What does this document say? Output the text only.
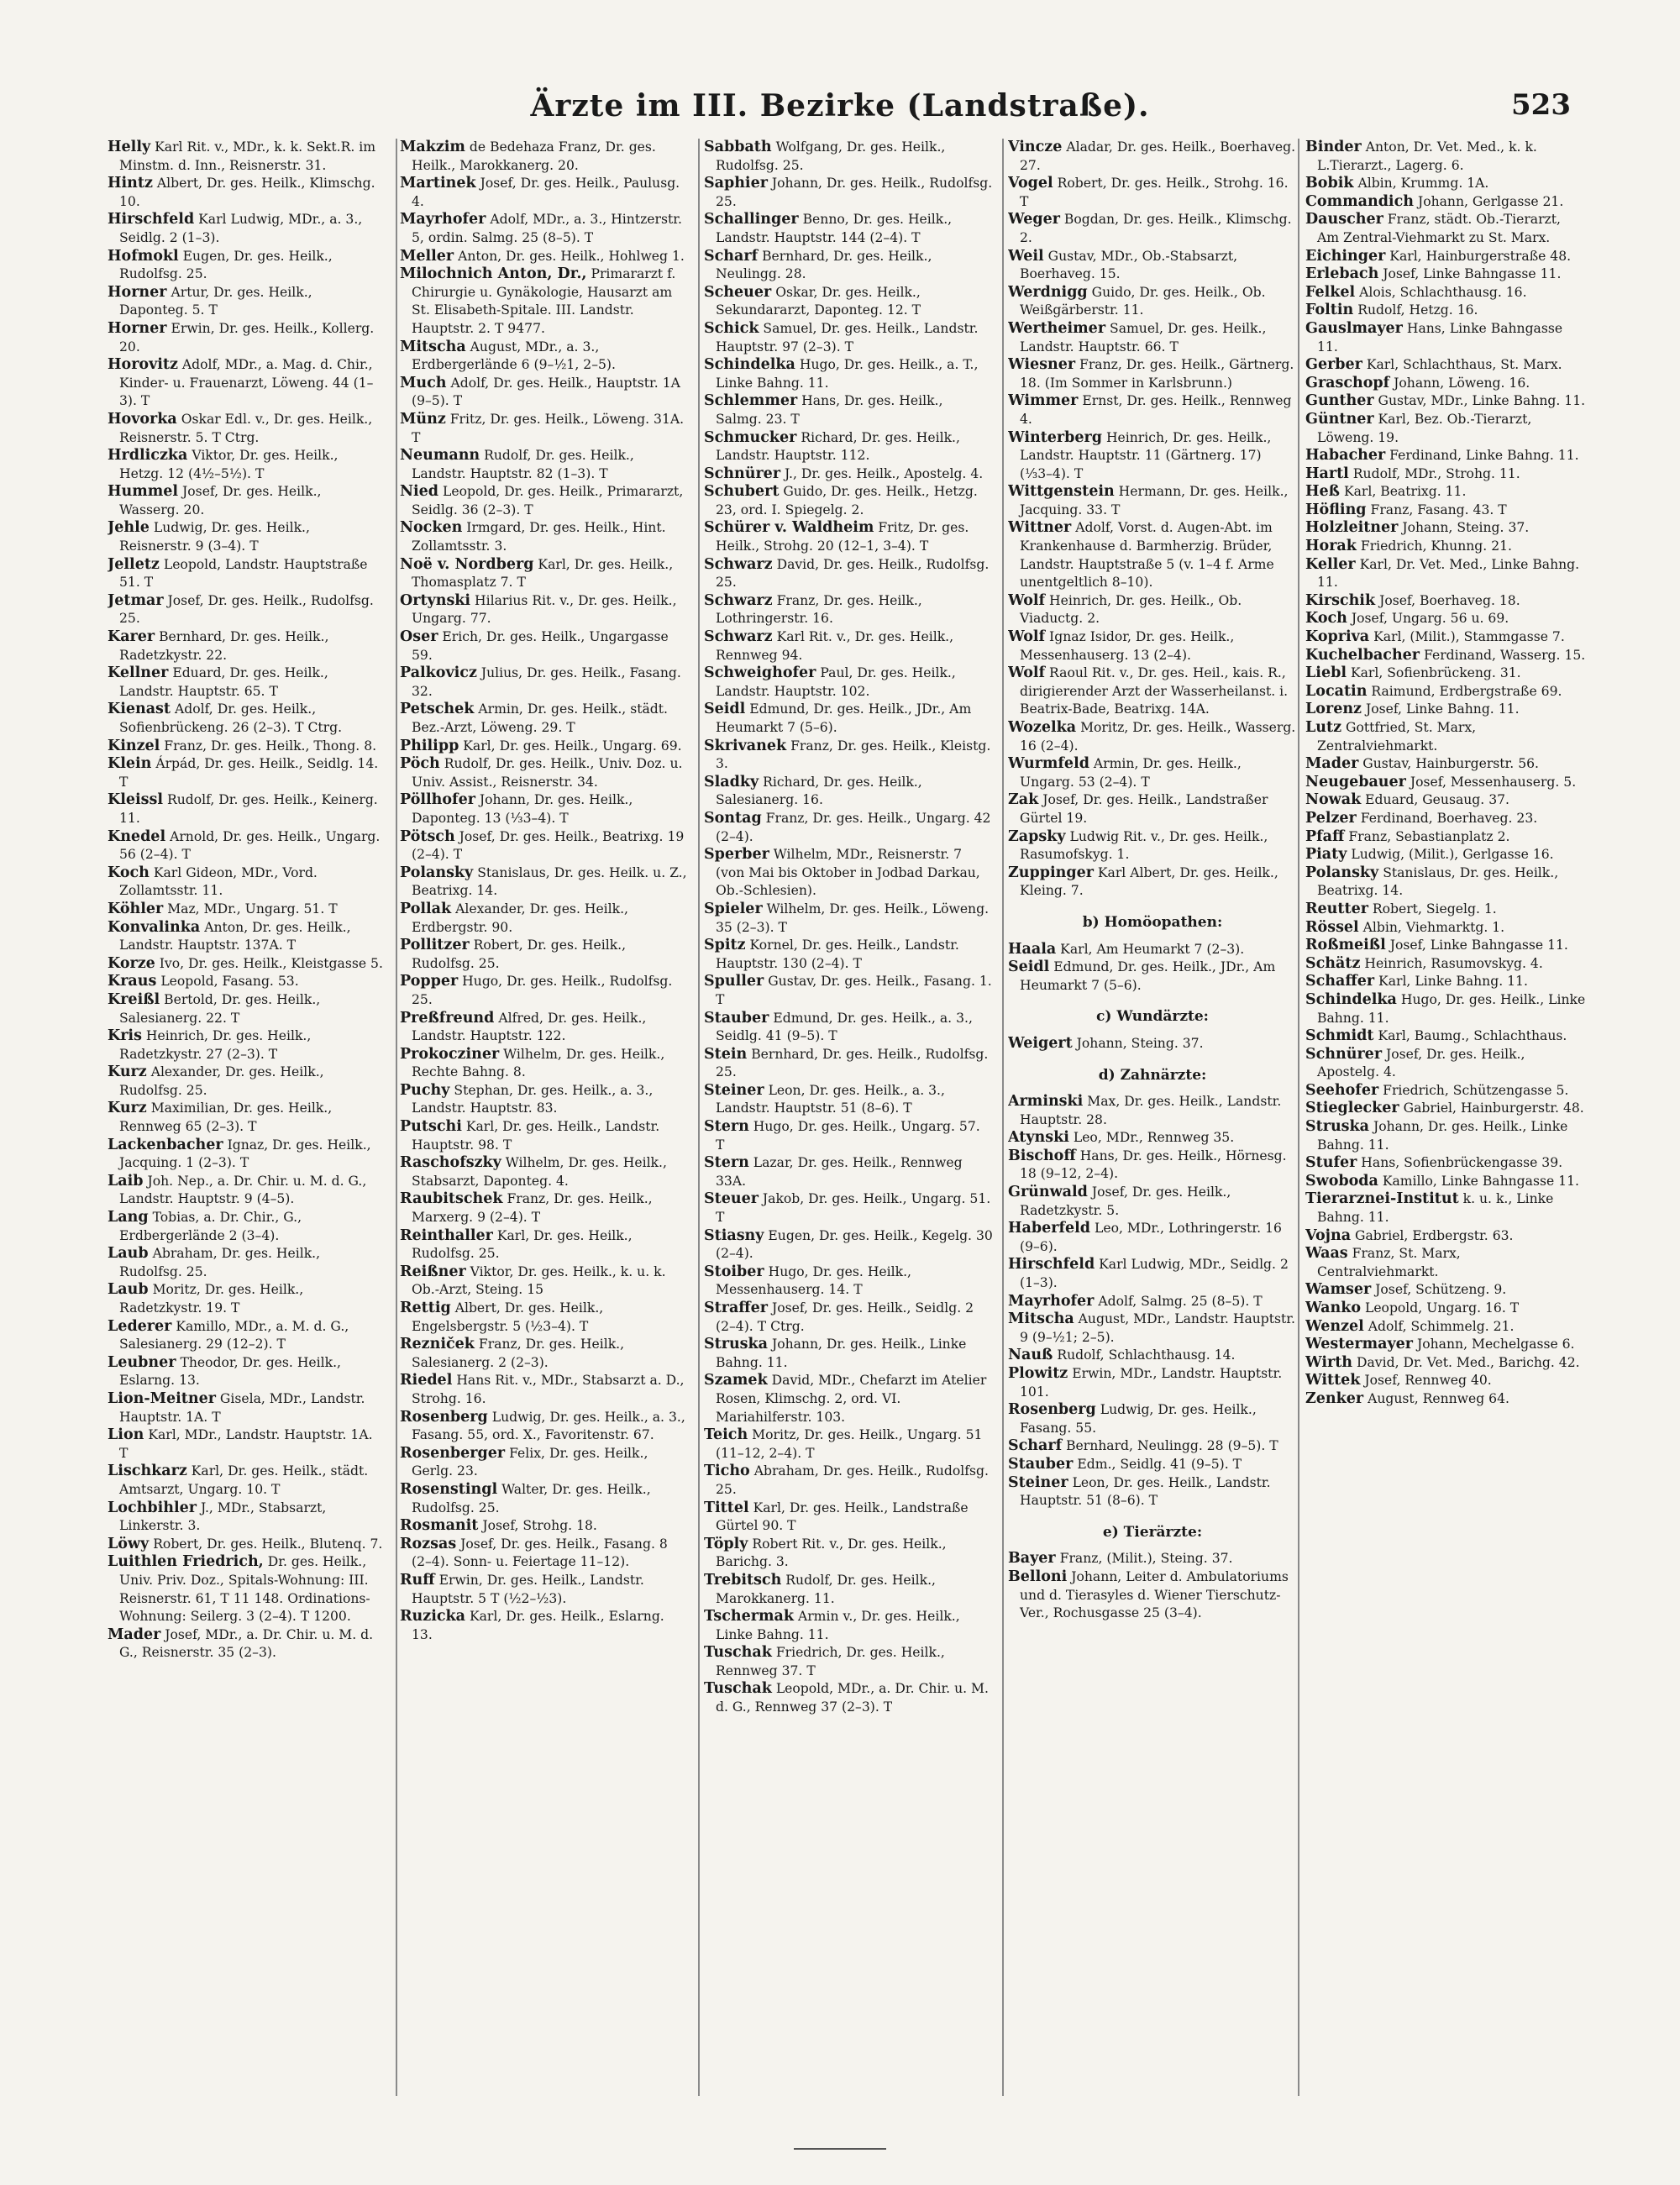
Ärzte im III. Bezirke (Landstraße).	523
Helly Karl Rit. v., MDr., k. k. Sekt.R. im Minstm. d. Inn., Reisnerstr. 31.
Hintz Albert, Dr. ges. Heilk., Klimschg. 10.
Hirschfeld Karl Ludwig, MDr., a. 3., Seidlg. 2 (1–3).
Hofmokl Eugen, Dr. ges. Heilk., Rudolfsg. 25.
Horner Artur, Dr. ges. Heilk., Daponteg. 5. T
Horner Erwin, Dr. ges. Heilk., Kollerg. 20.
Horovitz Adolf, MDr., a. Mag. d. Chir., Kinder- u. Frauenarzt, Löweng. 44 (1–3). T
Hovorka Oskar Edl. v., Dr. ges. Heilk., Reisnerstr. 5. T Ctrg.
Hrdliczka Viktor, Dr. ges. Heilk., Hetzg. 12 (4½–5½). T
Hummel Josef, Dr. ges. Heilk., Wasserg. 20.
Jehle Ludwig, Dr. ges. Heilk., Reisnerstr. 9 (3–4). T
Jelletz Leopold, Landstr. Hauptstraße 51. T
Jetmar Josef, Dr. ges. Heilk., Rudolfsg. 25.
Karer Bernhard, Dr. ges. Heilk., Radetzkystr. 22.
Kellner Eduard, Dr. ges. Heilk., Landstr. Hauptstr. 65. T
Kienast Adolf, Dr. ges. Heilk., Sofienbrückeng. 26 (2–3). T Ctrg.
Kinzel Franz, Dr. ges. Heilk., Thong. 8.
Klein Árpád, Dr. ges. Heilk., Seidlg. 14. T
Kleissl Rudolf, Dr. ges. Heilk., Keinerg. 11.
Knedel Arnold, Dr. ges. Heilk., Ungarg. 56 (2–4). T
Koch Karl Gideon, MDr., Vord. Zollamtsstr. 11.
Köhler Maz, MDr., Ungarg. 51. T
Konvalinka Anton, Dr. ges. Heilk., Landstr. Hauptstr. 137A. T
Korze Ivo, Dr. ges. Heilk., Kleistgasse 5.
Kraus Leopold, Fasang. 53.
Kreißl Bertold, Dr. ges. Heilk., Salesianerg. 22. T
Kris Heinrich, Dr. ges. Heilk., Radetzkystr. 27 (2–3). T
Kurz Alexander, Dr. ges. Heilk., Rudolfsg. 25.
Kurz Maximilian, Dr. ges. Heilk., Rennweg 65 (2–3). T
Lackenbacher Ignaz, Dr. ges. Heilk., Jacquing. 1 (2–3). T
Laib Joh. Nep., a. Dr. Chir. u. M. d. G., Landstr. Hauptstr. 9 (4–5).
Lang Tobias, a. Dr. Chir., G., Erdbergerlände 2 (3–4).
Laub Abraham, Dr. ges. Heilk., Rudolfsg. 25.
Laub Moritz, Dr. ges. Heilk., Radetzkystr. 19. T
Lederer Kamillo, MDr., a. M. d. G., Salesianerg. 29 (12–2). T
Leubner Theodor, Dr. ges. Heilk., Eslarng. 13.
Lion-Meitner Gisela, MDr., Landstr. Hauptstr. 1A. T
Lion Karl, MDr., Landstr. Hauptstr. 1A. T
Lischkarz Karl, Dr. ges. Heilk., städt. Amtsarzt, Ungarg. 10. T
Lochbihler J., MDr., Stabsarzt, Linkerstr. 3.
Löwy Robert, Dr. ges. Heilk., Blutenq. 7.
Luithlen Friedrich, Dr. ges. Heilk., Univ. Priv. Doz., Spitals-Wohnung: III. Reisnerstr. 61, T 11 148. Ordinations-Wohnung: Seilerg. 3 (2–4). T 1200.
Mader Josef, MDr., a. Dr. Chir. u. M. d. G., Reisnerstr. 35 (2–3).
Makzim de Bedehaza Franz, Dr. ges. Heilk., Marokkanerg. 20.
Martinek Josef, Dr. ges. Heilk., Paulusg. 4.
Mayrhofer Adolf, MDr., a. 3., Hintzerstr. 5, ordin. Salmg. 25 (8–5). T
Meller Anton, Dr. ges. Heilk., Hohlweg 1.
Milochnich Anton, Dr., Primararzt f. Chirurgie u. Gynäkologie, Hausarzt am St. Elisabeth-Spitale. III. Landstr. Hauptstr. 2. T 9477.
Mitscha August, MDr., a. 3., Erdbergerlände 6 (9–½1, 2–5).
Much Adolf, Dr. ges. Heilk., Hauptstr. 1A (9–5). T
Münz Fritz, Dr. ges. Heilk., Löweng. 31A. T
Neumann Rudolf, Dr. ges. Heilk., Landstr. Hauptstr. 82 (1–3). T
Nied Leopold, Dr. ges. Heilk., Primararzt, Seidlg. 36 (2–3). T
Nocken Irmgard, Dr. ges. Heilk., Hint. Zollamtsstr. 3.
Noë v. Nordberg Karl, Dr. ges. Heilk., Thomasplatz 7. T
Ortynski Hilarius Rit. v., Dr. ges. Heilk., Ungarg. 77.
Oser Erich, Dr. ges. Heilk., Ungargasse 59.
Palkovicz Julius, Dr. ges. Heilk., Fasang. 32.
Petschek Armin, Dr. ges. Heilk., städt. Bez.-Arzt, Löweng. 29. T
Philipp Karl, Dr. ges. Heilk., Ungarg. 69.
Pöch Rudolf, Dr. ges. Heilk., Univ. Doz. u. Univ. Assist., Reisnerstr. 34.
Pöllhofer Johann, Dr. ges. Heilk., Daponteg. 13 (⅓3–4). T
Pötsch Josef, Dr. ges. Heilk., Beatrixg. 19 (2–4). T
Polansky Stanislaus, Dr. ges. Heilk. u. Z., Beatrixg. 14.
Pollak Alexander, Dr. ges. Heilk., Erdbergstr. 90.
Pollitzer Robert, Dr. ges. Heilk., Rudolfsg. 25.
Popper Hugo, Dr. ges. Heilk., Rudolfsg. 25.
Preßfreund Alfred, Dr. ges. Heilk., Landstr. Hauptstr. 122.
Prokocziner Wilhelm, Dr. ges. Heilk., Rechte Bahng. 8.
Puchy Stephan, Dr. ges. Heilk., a. 3., Landstr. Hauptstr. 83.
Putschi Karl, Dr. ges. Heilk., Landstr. Hauptstr. 98. T
Raschofszky Wilhelm, Dr. ges. Heilk., Stabsarzt, Daponteg. 4.
Raubitschek Franz, Dr. ges. Heilk., Marxerg. 9 (2–4). T
Reinthaller Karl, Dr. ges. Heilk., Rudolfsg. 25.
Reißner Viktor, Dr. ges. Heilk., k. u. k. Ob.-Arzt, Steing. 15
Rettig Albert, Dr. ges. Heilk., Engelsbergstr. 5 (½3–4). T
Rezniček Franz, Dr. ges. Heilk., Salesianerg. 2 (2–3).
Riedel Hans Rit. v., MDr., Stabsarzt a. D., Strohg. 16.
Rosenberg Ludwig, Dr. ges. Heilk., a. 3., Fasang. 55, ord. X., Favoritenstr. 67.
Rosenberger Felix, Dr. ges. Heilk., Gerlg. 23.
Rosenstingl Walter, Dr. ges. Heilk., Rudolfsg. 25.
Rosmanit Josef, Strohg. 18.
Rozsas Josef, Dr. ges. Heilk., Fasang. 8 (2–4). Sonn- u. Feiertage 11–12).
Ruff Erwin, Dr. ges. Heilk., Landstr. Hauptstr. 5 T (½2–½3).
Ruzicka Karl, Dr. ges. Heilk., Eslarng. 13.
Sabbath Wolfgang, Dr. ges. Heilk., Rudolfsg. 25.
Saphier Johann, Dr. ges. Heilk., Rudolfsg. 25.
Schallinger Benno, Dr. ges. Heilk., Landstr. Hauptstr. 144 (2–4). T
Scharf Bernhard, Dr. ges. Heilk., Neulingg. 28.
Scheuer Oskar, Dr. ges. Heilk., Sekundararzt, Daponteg. 12. T
Schick Samuel, Dr. ges. Heilk., Landstr. Hauptstr. 97 (2–3). T
Schindelka Hugo, Dr. ges. Heilk., a. T., Linke Bahng. 11.
Schlemmer Hans, Dr. ges. Heilk., Salmg. 23. T
Schmucker Richard, Dr. ges. Heilk., Landstr. Hauptstr. 112.
Schnürer J., Dr. ges. Heilk., Apostelg. 4.
Schubert Guido, Dr. ges. Heilk., Hetzg. 23, ord. I. Spiegelg. 2.
Schürer v. Waldheim Fritz, Dr. ges. Heilk., Strohg. 20 (12–1, 3–4). T
Schwarz David, Dr. ges. Heilk., Rudolfsg. 25.
Schwarz Franz, Dr. ges. Heilk., Lothringerstr. 16.
Schwarz Karl Rit. v., Dr. ges. Heilk., Rennweg 94.
Schweighofer Paul, Dr. ges. Heilk., Landstr. Hauptstr. 102.
Seidl Edmund, Dr. ges. Heilk., JDr., Am Heumarkt 7 (5–6).
Skrivanek Franz, Dr. ges. Heilk., Kleistg. 3.
Sladky Richard, Dr. ges. Heilk., Salesianerg. 16.
Sontag Franz, Dr. ges. Heilk., Ungarg. 42 (2–4).
Sperber Wilhelm, MDr., Reisnerstr. 7 (von Mai bis Oktober in Jodbad Darkau, Ob.-Schlesien).
Spieler Wilhelm, Dr. ges. Heilk., Löweng. 35 (2–3). T
Spitz Kornel, Dr. ges. Heilk., Landstr. Hauptstr. 130 (2–4). T
Spuller Gustav, Dr. ges. Heilk., Fasang. 1. T
Stauber Edmund, Dr. ges. Heilk., a. 3., Seidlg. 41 (9–5). T
Stein Bernhard, Dr. ges. Heilk., Rudolfsg. 25.
Steiner Leon, Dr. ges. Heilk., a. 3., Landstr. Hauptstr. 51 (8–6). T
Stern Hugo, Dr. ges. Heilk., Ungarg. 57. T
Stern Lazar, Dr. ges. Heilk., Rennweg 33A.
Steuer Jakob, Dr. ges. Heilk., Ungarg. 51. T
Stiasny Eugen, Dr. ges. Heilk., Kegelg. 30 (2–4).
Stoiber Hugo, Dr. ges. Heilk., Messenhauserg. 14. T
Straffer Josef, Dr. ges. Heilk., Seidlg. 2 (2–4). T Ctrg.
Struska Johann, Dr. ges. Heilk., Linke Bahng. 11.
Szamek David, MDr., Chefarzt im Atelier Rosen, Klimschg. 2, ord. VI. Mariahilferstr. 103.
Teich Moritz, Dr. ges. Heilk., Ungarg. 51 (11–12, 2–4). T
Ticho Abraham, Dr. ges. Heilk., Rudolfsg. 25.
Tittel Karl, Dr. ges. Heilk., Landstraße Gürtel 90. T
Töply Robert Rit. v., Dr. ges. Heilk., Barichg. 3.
Trebitsch Rudolf, Dr. ges. Heilk., Marokkanerg. 11.
Tschermak Armin v., Dr. ges. Heilk., Linke Bahng. 11.
Tuschak Friedrich, Dr. ges. Heilk., Rennweg 37. T
Tuschak Leopold, MDr., a. Dr. Chir. u. M. d. G., Rennweg 37 (2–3). T
Vincze Aladar, Dr. ges. Heilk., Boerhaveg. 27.
Vogel Robert, Dr. ges. Heilk., Strohg. 16. T
Weger Bogdan, Dr. ges. Heilk., Klimschg. 2.
Weil Gustav, MDr., Ob.-Stabsarzt, Boerhaveg. 15.
Werdnigg Guido, Dr. ges. Heilk., Ob. Weißgärberstr. 11.
Wertheimer Samuel, Dr. ges. Heilk., Landstr. Hauptstr. 66. T
Wiesner Franz, Dr. ges. Heilk., Gärtnerg. 18. (Im Sommer in Karlsbrunn.)
Wimmer Ernst, Dr. ges. Heilk., Rennweg 4.
Winterberg Heinrich, Dr. ges. Heilk., Landstr. Hauptstr. 11 (Gärtnerg. 17) (⅓3–4). T
Wittgenstein Hermann, Dr. ges. Heilk., Jacquing. 33. T
Wittner Adolf, Vorst. d. Augen-Abt. im Krankenhause d. Barmherzig. Brüder, Landstr. Hauptstraße 5 (v. 1–4 f. Arme unentgeltlich 8–10).
Wolf Heinrich, Dr. ges. Heilk., Ob. Viaductg. 2.
Wolf Ignaz Isidor, Dr. ges. Heilk., Messenhauserg. 13 (2–4).
Wolf Raoul Rit. v., Dr. ges. Heil., kais. R., dirigierender Arzt der Wasserheilanst. i. Beatrix-Bade, Beatrixg. 14A.
Wozelka Moritz, Dr. ges. Heilk., Wasserg. 16 (2–4).
Wurmfeld Armin, Dr. ges. Heilk., Ungarg. 53 (2–4). T
Zak Josef, Dr. ges. Heilk., Landstraßer Gürtel 19.
Zapsky Ludwig Rit. v., Dr. ges. Heilk., Rasumofskyg. 1.
Zuppinger Karl Albert, Dr. ges. Heilk., Kleing. 7.
b) Homöopathen:
Haala Karl, Am Heumarkt 7 (2–3).
Seidl Edmund, Dr. ges. Heilk., JDr., Am Heumarkt 7 (5–6).
c) Wundärzte:
Weigert Johann, Steing. 37.
d) Zahnärzte:
Arminski Max, Dr. ges. Heilk., Landstr. Hauptstr. 28.
Atynski Leo, MDr., Rennweg 35.
Bischoff Hans, Dr. ges. Heilk., Hörnesg. 18 (9–12, 2–4).
Grünwald Josef, Dr. ges. Heilk., Radetzkystr. 5.
Haberfeld Leo, MDr., Lothringerstr. 16 (9–6).
Hirschfeld Karl Ludwig, MDr., Seidlg. 2 (1–3).
Mayrhofer Adolf, Salmg. 25 (8–5). T
Mitscha August, MDr., Landstr. Hauptstr. 9 (9–½1; 2–5).
Nauß Rudolf, Schlachthausg. 14.
Plowitz Erwin, MDr., Landstr. Hauptstr. 101.
Rosenberg Ludwig, Dr. ges. Heilk., Fasang. 55.
Scharf Bernhard, Neulingg. 28 (9–5). T
Stauber Edm., Seidlg. 41 (9–5). T
Steiner Leon, Dr. ges. Heilk., Landstr. Hauptstr. 51 (8–6). T
e) Tierärzte:
Bayer Franz, (Milit.), Steing. 37.
Belloni Johann, Leiter d. Ambulatoriums und d. Tierasyles d. Wiener Tierschutz-Ver., Rochusgasse 25 (3–4).
Binder Anton, Dr. Vet. Med., k. k. L.Tierarzt., Lagerg. 6.
Bobik Albin, Krummg. 1A.
Commandich Johann, Gerlgasse 21.
Dauscher Franz, städt. Ob.-Tierarzt, Am Zentral-Viehmarkt zu St. Marx.
Eichinger Karl, Hainburgerstraße 48.
Erlebach Josef, Linke Bahngasse 11.
Felkel Alois, Schlachthausg. 16.
Foltin Rudolf, Hetzg. 16.
Gauslmayer Hans, Linke Bahngasse 11.
Gerber Karl, Schlachthaus, St. Marx.
Graschopf Johann, Löweng. 16.
Gunther Gustav, MDr., Linke Bahng. 11.
Güntner Karl, Bez. Ob.-Tierarzt, Löweng. 19.
Habacher Ferdinand, Linke Bahng. 11.
Hartl Rudolf, MDr., Strohg. 11.
Heß Karl, Beatrixg. 11.
Höfling Franz, Fasang. 43. T
Holzleitner Johann, Steing. 37.
Horak Friedrich, Khunng. 21.
Keller Karl, Dr. Vet. Med., Linke Bahng. 11.
Kirschik Josef, Boerhaveg. 18.
Koch Josef, Ungarg. 56 u. 69.
Kopriva Karl, (Milit.), Stammgasse 7.
Kuchelbacher Ferdinand, Wasserg. 15.
Liebl Karl, Sofienbrückeng. 31.
Locatin Raimund, Erdbergstraße 69.
Lorenz Josef, Linke Bahng. 11.
Lutz Gottfried, St. Marx, Zentralviehmarkt.
Mader Gustav, Hainburgerstr. 56.
Neugebauer Josef, Messenhauserg. 5.
Nowak Eduard, Geusaug. 37.
Pelzer Ferdinand, Boerhaveg. 23.
Pfaff Franz, Sebastianplatz 2.
Piaty Ludwig, (Milit.), Gerlgasse 16.
Polansky Stanislaus, Dr. ges. Heilk., Beatrixg. 14.
Reutter Robert, Siegelg. 1.
Rössel Albin, Viehmarktg. 1.
Roßmeißl Josef, Linke Bahngasse 11.
Schätz Heinrich, Rasumovskyg. 4.
Schaffer Karl, Linke Bahng. 11.
Schindelka Hugo, Dr. ges. Heilk., Linke Bahng. 11.
Schmidt Karl, Baumg., Schlachthaus.
Schnürer Josef, Dr. ges. Heilk., Apostelg. 4.
Seehofer Friedrich, Schützengasse 5.
Stieglecker Gabriel, Hainburgerstr. 48.
Struska Johann, Dr. ges. Heilk., Linke Bahng. 11.
Stufer Hans, Sofienbrückengasse 39.
Swoboda Kamillo, Linke Bahngasse 11.
Tierarznei-Institut k. u. k., Linke Bahng. 11.
Vojna Gabriel, Erdbergstr. 63.
Waas Franz, St. Marx, Centralviehmarkt.
Wamser Josef, Schützeng. 9.
Wanko Leopold, Ungarg. 16. T
Wenzel Adolf, Schimmelg. 21.
Westermayer Johann, Mechelgasse 6.
Wirth David, Dr. Vet. Med., Barichg. 42.
Wittek Josef, Rennweg 40.
Zenker August, Rennweg 64.
